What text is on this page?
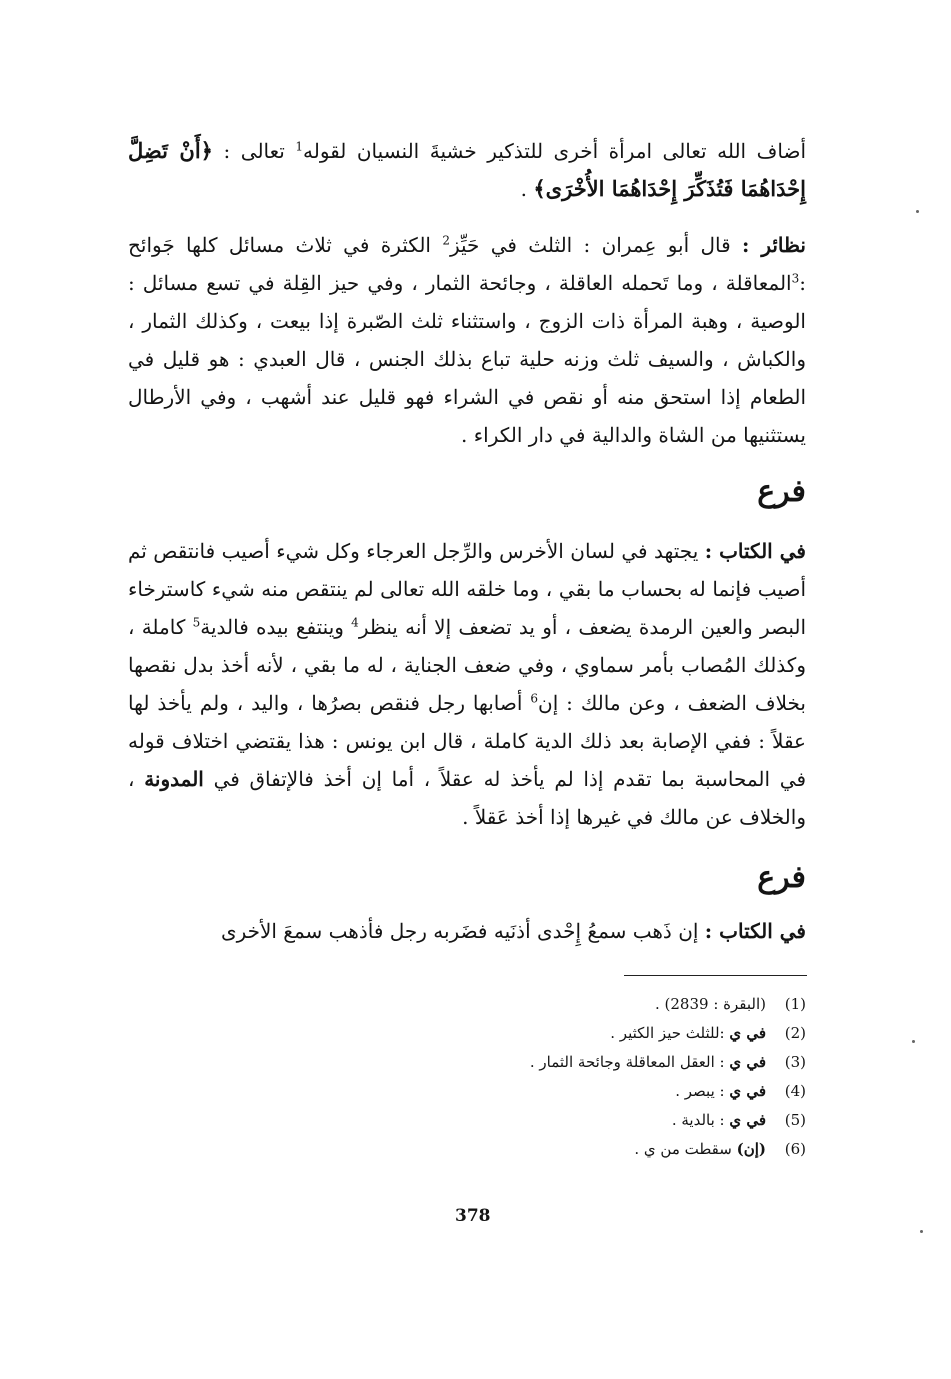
أضاف الله تعالى امرأة أخرى للتذكير خشيةَ النسيان لقوله$^1$ تعالى : ﴿أَنْ تَضِلَّ إِحْدَاهُمَا فَتُذَكِّرَ إِحْدَاهُمَا الأُخْرَى﴾ .
نظائر : قال أبو عِمران : الثلث في حَيِّز$^2$ الكثرة في ثلاث مسائل كلها جَوائح :$^3$المعاقلة ، وما تَحمله العاقلة ، وجائحة الثمار ، وفي حيز القِلة في تسع مسائل : الوصية ، وهبة المرأة ذات الزوج ، واستثناء ثلث الصّبرة إذا بيعت ، وكذلك الثمار ، والكباش ، والسيف ثلث وزنه حلية تباع بذلك الجنس ، قال العبدي : هو قليل في الطعام إذا استحق منه أو نقص في الشراء فهو قليل عند أشهب ، وفي الأرطال يستثنيها من الشاة والدالية في دار الكراء .
فرع
في الكتاب : يجتهد في لسان الأخرس والرِّجل العرجاء وكل شيء أصيب فانتقص ثم أصيب فإنما له بحساب ما بقي ، وما خلقه الله تعالى لم ينتقص منه شيء كاسترخاء البصر والعين الرمدة يضعف ، أو يد تضعف إلا أنه ينظر$^4$ وينتفع بيده فالدية$^5$ كاملة ، وكذلك المُصاب بأمر سماوي ، وفي ضعف الجناية ، له ما بقي ، لأنه أخذ بدل نقصها بخلاف الضعف ، وعن مالك : إن$^6$ أصابها رجل فنقص بصرُها ، واليد ، ولم يأخذ لها عقلاً : ففي الإصابة بعد ذلك الدية كاملة ، قال ابن يونس : هذا يقتضي اختلاف قوله في المحاسبة بما تقدم إذا لم يأخذ له عقلاً ، أما إن أخذ فالإتفاق في المدونة ، والخلاف عن مالك في غيرها إذا أخذ عَقلاً .
فرع
في الكتاب : إن ذَهب سمعُ إِحْدى أذنَيه فضَربه رجل فأذهب سمعَ الأخرى
(1)
(البقرة : 2839) .
(2)
في ي :للثلث حيز الكثير .
(3)
في ي : العقل المعاقلة وجائحة الثمار .
(4)
في ي : يبصر .
(5)
في ي : بالدية .
(6)
(إن) سقطت من ي .
378
